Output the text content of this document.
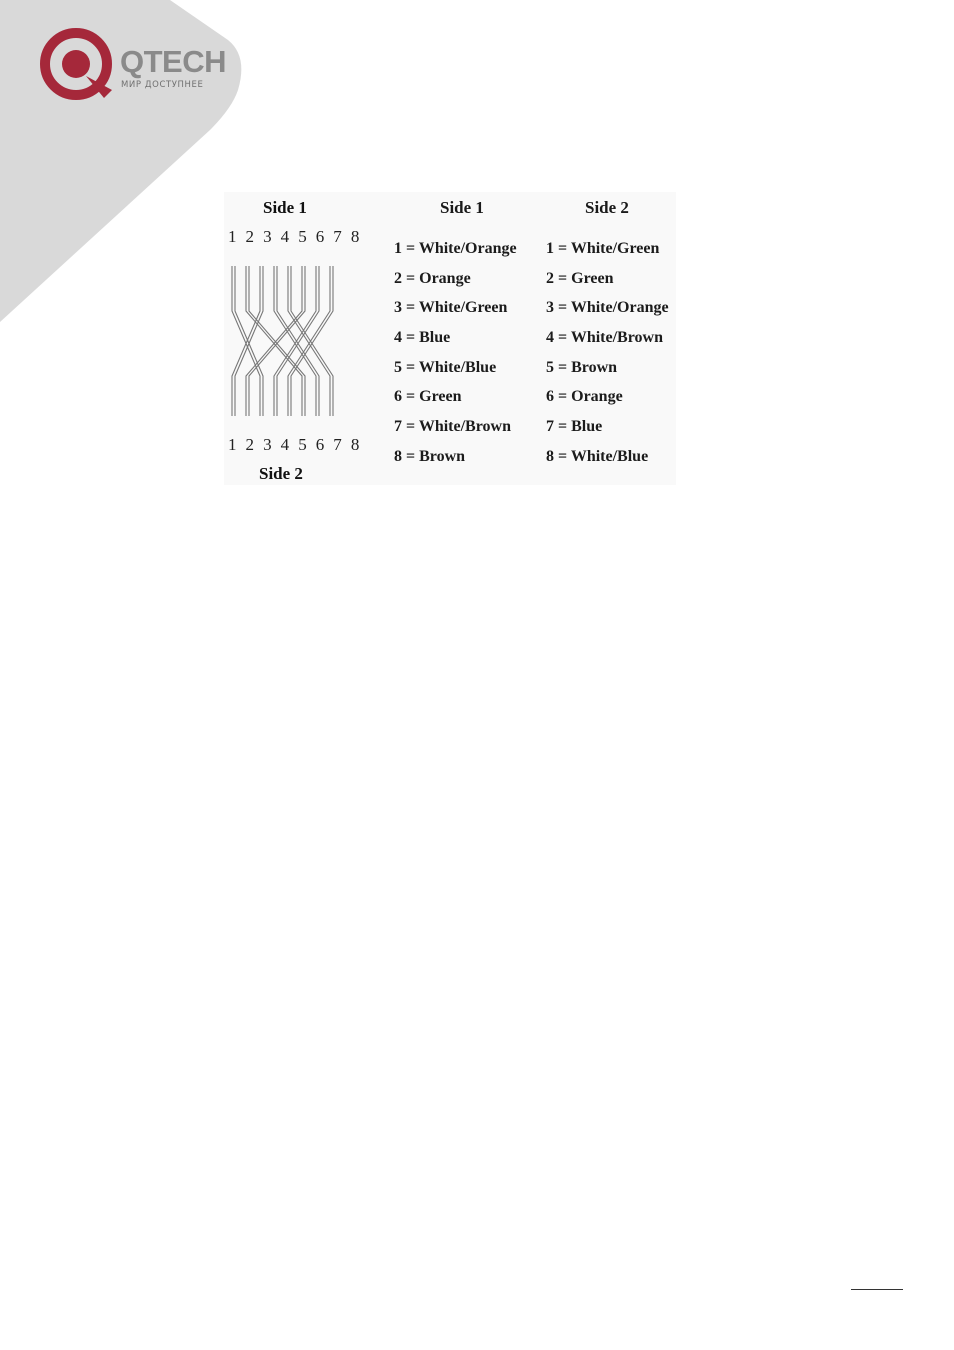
QTECH
МИР ДОСТУПНЕЕ
Side 1
1 2 3 4 5 6 7 8
1 2 3 4 5 6 7 8
Side 2
Side 1
1 = White/Orange
2 = Orange
3 = White/Green
4 = Blue
5 = White/Blue
6 = Green
7 = White/Brown
8 = Brown
Side 2
1 = White/Green
2 = Green
3 = White/Orange
4 = White/Brown
5 = Brown
6 = Orange
7 = Blue
8 = White/Blue
